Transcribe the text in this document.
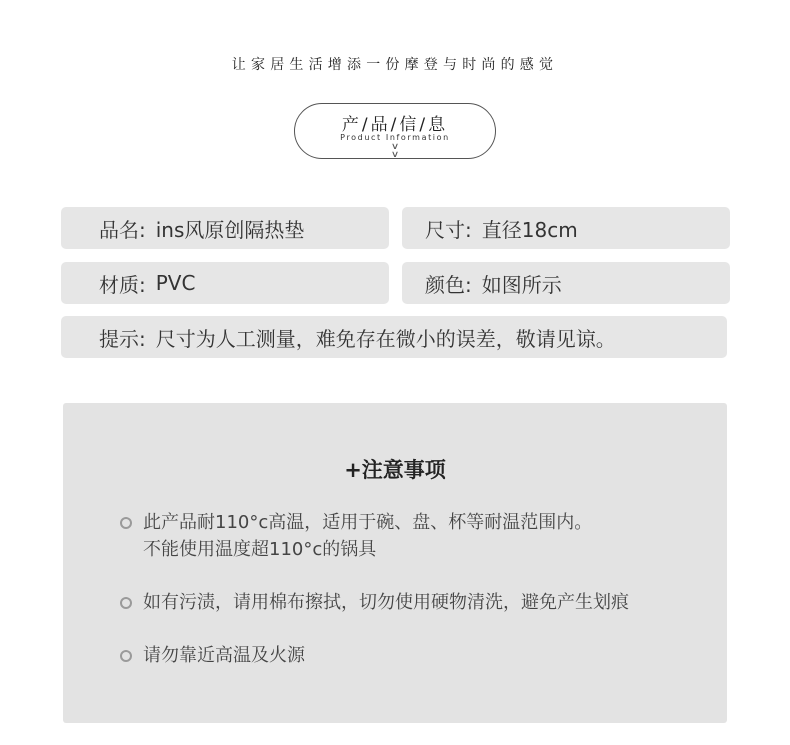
让家居生活增添一份摩登与时尚的感觉
产/品/信/息
Product Information
∨
∨
品名: ins风原创隔热垫	尺寸: 直径18cm
材质: PVC	颜色: 如图所示
提示: 尺寸为人工测量，难免存在微小的误差，敬请见谅。
+注意事项
此产品耐110°c高温，适用于碗、盘、杯等耐温范围内。
不能使用温度超110°c的锅具
如有污渍，请用棉布擦拭，切勿使用硬物清洗，避免产生划痕
请勿靠近高温及火源
